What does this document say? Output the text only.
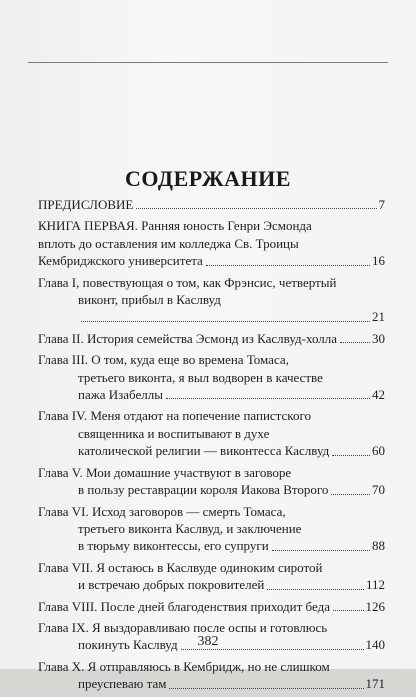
СОДЕРЖАНИЕ
ПРЕДИСЛОВИЕ	7
КНИГА ПЕРВАЯ. Ранняя юность Генри Эсмонда
вплоть до оставления им колледжа Св. Троицы
Кембриджского университета	16
Глава I, повествующая о том, как Фрэнсис, четвертый
виконт, прибыл в Каслвуд
21
Глава II. История семейства Эсмонд из Каслвуд-холла	30
Глава III. О том, куда еще во времена Томаса,
третьего виконта, я выл водворен в качестве
пажа Изабеллы	42
Глава IV. Меня отдают на попечение папистского
священника и воспитывают в духе
католической религии — виконтесса Каслвуд	60
Глава V. Мои домашние участвуют в заговоре
в пользу реставрации короля Иакова Второго	70
Глава VI. Исход заговоров — смерть Томаса,
третьего виконта Каслвуд, и заключение
в тюрьму виконтессы, его супруги	88
Глава VII. Я остаюсь в Каслвуде одиноким сиротой
и встречаю добрых покровителей	112
Глава VIII. После дней благоденствия приходит беда	126
Глава IX. Я выздоравливаю после оспы и готовлюсь
покинуть Каслвуд	140
Глава X. Я отправляюсь в Кембридж, но не слишком
преуспеваю там	171
382
